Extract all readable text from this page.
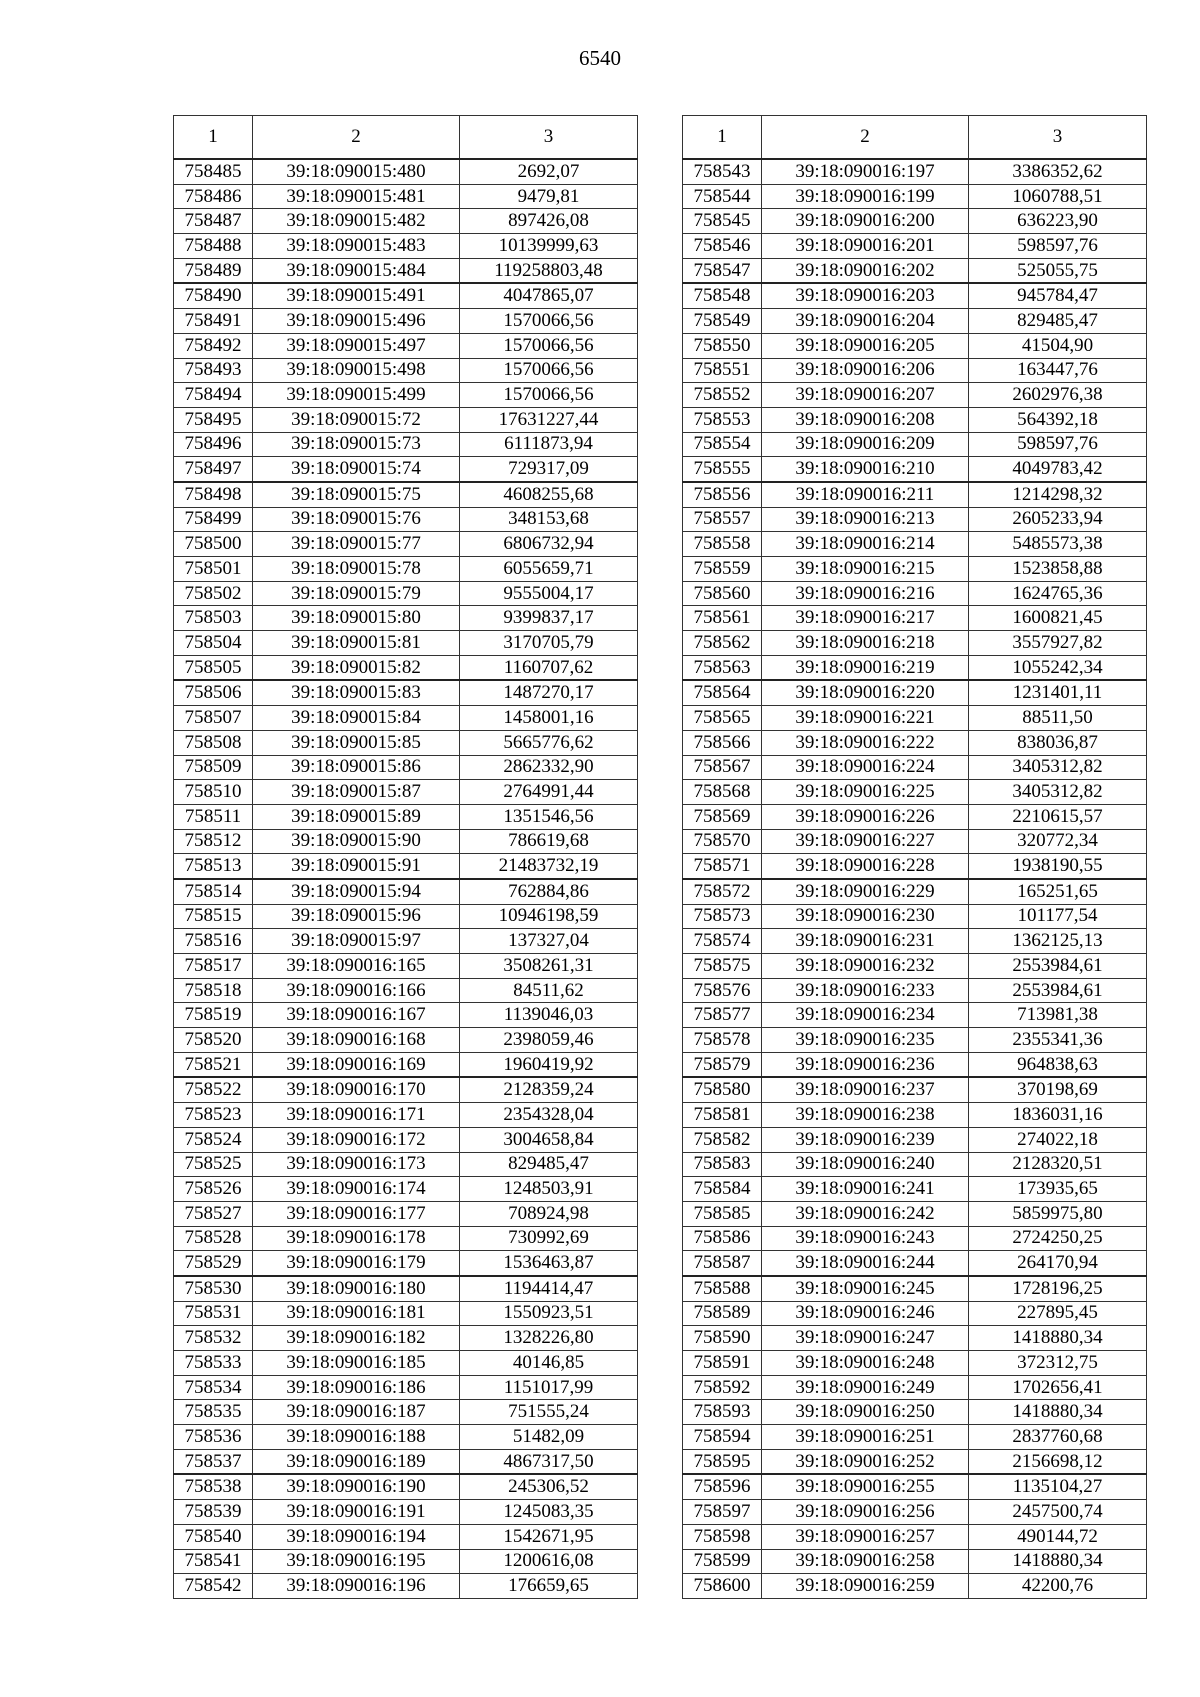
6540
1	2	3
758485	39:18:090015:480	2692,07
758486	39:18:090015:481	9479,81
758487	39:18:090015:482	897426,08
758488	39:18:090015:483	10139999,63
758489	39:18:090015:484	119258803,48
758490	39:18:090015:491	4047865,07
758491	39:18:090015:496	1570066,56
758492	39:18:090015:497	1570066,56
758493	39:18:090015:498	1570066,56
758494	39:18:090015:499	1570066,56
758495	39:18:090015:72	17631227,44
758496	39:18:090015:73	6111873,94
758497	39:18:090015:74	729317,09
758498	39:18:090015:75	4608255,68
758499	39:18:090015:76	348153,68
758500	39:18:090015:77	6806732,94
758501	39:18:090015:78	6055659,71
758502	39:18:090015:79	9555004,17
758503	39:18:090015:80	9399837,17
758504	39:18:090015:81	3170705,79
758505	39:18:090015:82	1160707,62
758506	39:18:090015:83	1487270,17
758507	39:18:090015:84	1458001,16
758508	39:18:090015:85	5665776,62
758509	39:18:090015:86	2862332,90
758510	39:18:090015:87	2764991,44
758511	39:18:090015:89	1351546,56
758512	39:18:090015:90	786619,68
758513	39:18:090015:91	21483732,19
758514	39:18:090015:94	762884,86
758515	39:18:090015:96	10946198,59
758516	39:18:090015:97	137327,04
758517	39:18:090016:165	3508261,31
758518	39:18:090016:166	84511,62
758519	39:18:090016:167	1139046,03
758520	39:18:090016:168	2398059,46
758521	39:18:090016:169	1960419,92
758522	39:18:090016:170	2128359,24
758523	39:18:090016:171	2354328,04
758524	39:18:090016:172	3004658,84
758525	39:18:090016:173	829485,47
758526	39:18:090016:174	1248503,91
758527	39:18:090016:177	708924,98
758528	39:18:090016:178	730992,69
758529	39:18:090016:179	1536463,87
758530	39:18:090016:180	1194414,47
758531	39:18:090016:181	1550923,51
758532	39:18:090016:182	1328226,80
758533	39:18:090016:185	40146,85
758534	39:18:090016:186	1151017,99
758535	39:18:090016:187	751555,24
758536	39:18:090016:188	51482,09
758537	39:18:090016:189	4867317,50
758538	39:18:090016:190	245306,52
758539	39:18:090016:191	1245083,35
758540	39:18:090016:194	1542671,95
758541	39:18:090016:195	1200616,08
758542	39:18:090016:196	176659,65
1	2	3
758543	39:18:090016:197	3386352,62
758544	39:18:090016:199	1060788,51
758545	39:18:090016:200	636223,90
758546	39:18:090016:201	598597,76
758547	39:18:090016:202	525055,75
758548	39:18:090016:203	945784,47
758549	39:18:090016:204	829485,47
758550	39:18:090016:205	41504,90
758551	39:18:090016:206	163447,76
758552	39:18:090016:207	2602976,38
758553	39:18:090016:208	564392,18
758554	39:18:090016:209	598597,76
758555	39:18:090016:210	4049783,42
758556	39:18:090016:211	1214298,32
758557	39:18:090016:213	2605233,94
758558	39:18:090016:214	5485573,38
758559	39:18:090016:215	1523858,88
758560	39:18:090016:216	1624765,36
758561	39:18:090016:217	1600821,45
758562	39:18:090016:218	3557927,82
758563	39:18:090016:219	1055242,34
758564	39:18:090016:220	1231401,11
758565	39:18:090016:221	88511,50
758566	39:18:090016:222	838036,87
758567	39:18:090016:224	3405312,82
758568	39:18:090016:225	3405312,82
758569	39:18:090016:226	2210615,57
758570	39:18:090016:227	320772,34
758571	39:18:090016:228	1938190,55
758572	39:18:090016:229	165251,65
758573	39:18:090016:230	101177,54
758574	39:18:090016:231	1362125,13
758575	39:18:090016:232	2553984,61
758576	39:18:090016:233	2553984,61
758577	39:18:090016:234	713981,38
758578	39:18:090016:235	2355341,36
758579	39:18:090016:236	964838,63
758580	39:18:090016:237	370198,69
758581	39:18:090016:238	1836031,16
758582	39:18:090016:239	274022,18
758583	39:18:090016:240	2128320,51
758584	39:18:090016:241	173935,65
758585	39:18:090016:242	5859975,80
758586	39:18:090016:243	2724250,25
758587	39:18:090016:244	264170,94
758588	39:18:090016:245	1728196,25
758589	39:18:090016:246	227895,45
758590	39:18:090016:247	1418880,34
758591	39:18:090016:248	372312,75
758592	39:18:090016:249	1702656,41
758593	39:18:090016:250	1418880,34
758594	39:18:090016:251	2837760,68
758595	39:18:090016:252	2156698,12
758596	39:18:090016:255	1135104,27
758597	39:18:090016:256	2457500,74
758598	39:18:090016:257	490144,72
758599	39:18:090016:258	1418880,34
758600	39:18:090016:259	42200,76
